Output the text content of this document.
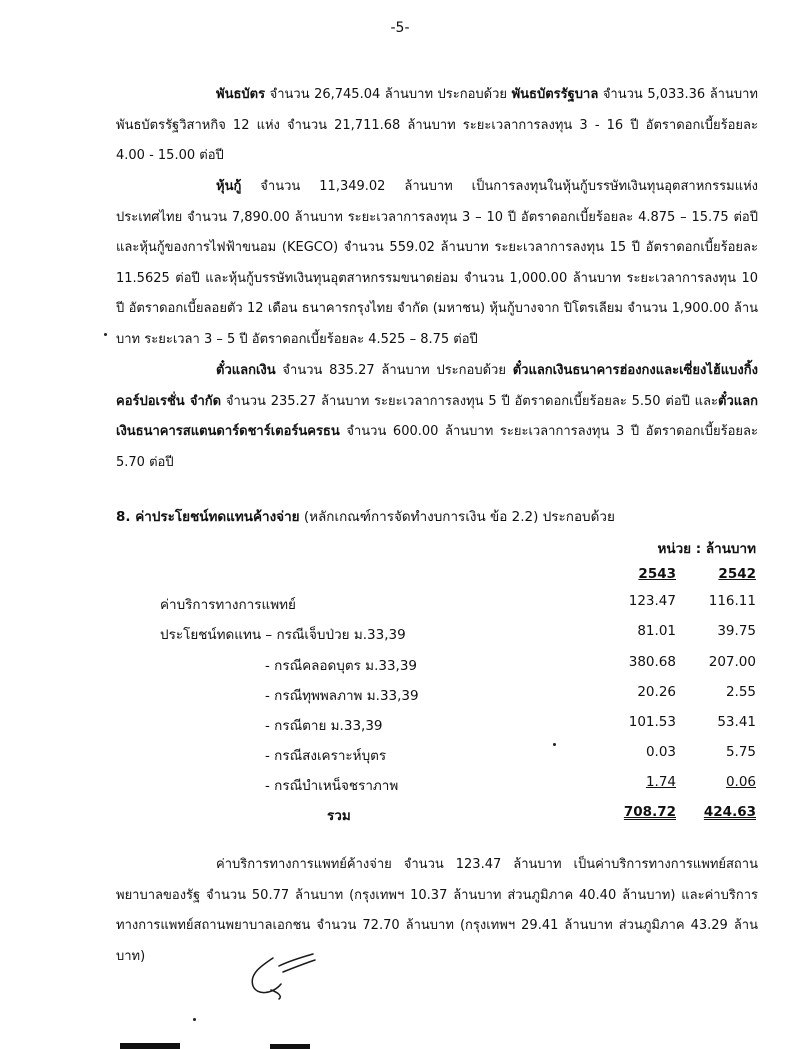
-5-
พันธบัตร จำนวน 26,745.04 ล้านบาท ประกอบด้วย พันธบัตรรัฐบาล จำนวน 5,033.36 ล้านบาท พันธบัตรรัฐวิสาหกิจ 12 แห่ง จำนวน 21,711.68 ล้านบาท ระยะเวลาการลงทุน 3 - 16 ปี อัตราดอกเบี้ยร้อยละ 4.00 - 15.00 ต่อปี
หุ้นกู้ จำนวน 11,349.02 ล้านบาท เป็นการลงทุนในหุ้นกู้บรรษัทเงินทุนอุตสาหกรรมแห่งประเทศไทย จำนวน 7,890.00 ล้านบาท ระยะเวลาการลงทุน 3 – 10 ปี อัตราดอกเบี้ยร้อยละ 4.875 – 15.75 ต่อปี และหุ้นกู้ของการไฟฟ้าขนอม (KEGCO) จำนวน 559.02 ล้านบาท ระยะเวลาการลงทุน 15 ปี อัตราดอกเบี้ยร้อยละ 11.5625 ต่อปี และหุ้นกู้บรรษัทเงินทุนอุตสาหกรรมขนาดย่อม จำนวน 1,000.00 ล้านบาท ระยะเวลาการลงทุน 10 ปี อัตราดอกเบี้ยลอยตัว 12 เดือน ธนาคารกรุงไทย จำกัด (มหาชน) หุ้นกู้บางจาก ปิโตรเลียม จำนวน 1,900.00 ล้านบาท ระยะเวลา 3 – 5 ปี อัตราดอกเบี้ยร้อยละ 4.525 – 8.75 ต่อปี
ตั๋วแลกเงิน จำนวน 835.27 ล้านบาท ประกอบด้วย ตั๋วแลกเงินธนาคารฮ่องกงและเซี่ยงไฮ้แบงกิ้งคอร์ปอเรชั่น จำกัด จำนวน 235.27 ล้านบาท ระยะเวลาการลงทุน 5 ปี อัตราดอกเบี้ยร้อยละ 5.50 ต่อปี และตั๋วแลกเงินธนาคารสแตนดาร์ดชาร์เตอร์นครธน จำนวน 600.00 ล้านบาท ระยะเวลาการลงทุน 3 ปี อัตราดอกเบี้ยร้อยละ 5.70 ต่อปี
8. ค่าประโยชน์ทดแทนค้างจ่าย (หลักเกณฑ์การจัดทำงบการเงิน ข้อ 2.2) ประกอบด้วย
หน่วย : ล้านบาท
2543	2542
ค่าบริการทางการแพทย์	123.47	116.11
ประโยชน์ทดแทน – กรณีเจ็บป่วย ม.33,39	81.01	39.75
- กรณีคลอดบุตร ม.33,39	380.68	207.00
- กรณีทุพพลภาพ ม.33,39	20.26	2.55
- กรณีตาย ม.33,39	101.53	53.41
- กรณีสงเคราะห์บุตร	0.03	5.75
- กรณีบำเหน็จชราภาพ	1.74	0.06
รวม	708.72	424.63
ค่าบริการทางการแพทย์ค้างจ่าย จำนวน 123.47 ล้านบาท เป็นค่าบริการทางการแพทย์สถานพยาบาลของรัฐ จำนวน 50.77 ล้านบาท (กรุงเทพฯ 10.37 ล้านบาท ส่วนภูมิภาค 40.40 ล้านบาท) และค่าบริการทางการแพทย์สถานพยาบาลเอกชน จำนวน 72.70 ล้านบาท (กรุงเทพฯ 29.41 ล้านบาท ส่วนภูมิภาค 43.29 ล้านบาท)
